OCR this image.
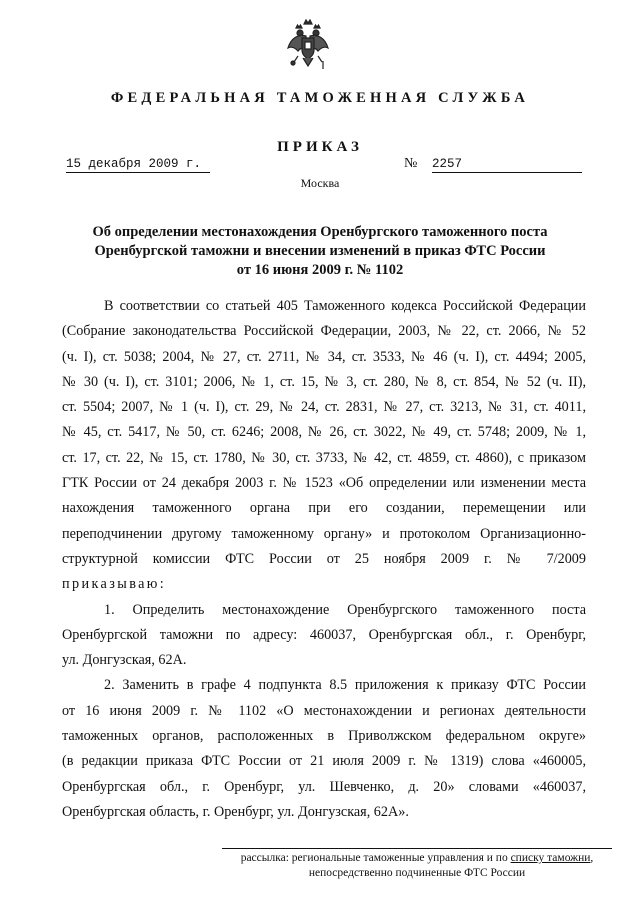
ФЕДЕРАЛЬНАЯ ТАМОЖЕННАЯ СЛУЖБА
ПРИКАЗ
15 декабря 2009 г.	№ 2257
Москва
Об определении местонахождения Оренбургского таможенного поста
Оренбургской таможни и внесении изменений в приказ ФТС России
от 16 июня 2009 г. № 1102
В соответствии со статьей 405 Таможенного кодекса Российской Федерации
(Собрание законодательства Российской Федерации, 2003, № 22, ст. 2066, № 52
(ч. I), ст. 5038; 2004, № 27, ст. 2711, № 34, ст. 3533, № 46 (ч. I), ст. 4494; 2005,
№ 30 (ч. I), ст. 3101; 2006, № 1, ст. 15, № 3, ст. 280, № 8, ст. 854, № 52 (ч. II),
ст. 5504; 2007, № 1 (ч. I), ст. 29, № 24, ст. 2831, № 27, ст. 3213, № 31, ст. 4011,
№ 45, ст. 5417, № 50, ст. 6246; 2008, № 26, ст. 3022, № 49, ст. 5748; 2009, № 1,
ст. 17, ст. 22, № 15, ст. 1780, № 30, ст. 3733, № 42, ст. 4859, ст. 4860), с приказом
ГТК России от 24 декабря 2003 г. № 1523 «Об определении или изменении места
нахождения таможенного органа при его создании, перемещении или
переподчинении другому таможенному органу» и протоколом Организационно-
структурной комиссии ФТС России от 25 ноября 2009 г. № 7/2009
приказываю:
1. Определить местонахождение Оренбургского таможенного поста
Оренбургской таможни по адресу: 460037, Оренбургская обл., г. Оренбург,
ул. Донгузская, 62А.
2. Заменить в графе 4 подпункта 8.5 приложения к приказу ФТС России
от 16 июня 2009 г. № 1102 «О местонахождении и регионах деятельности
таможенных органов, расположенных в Приволжском федеральном округе»
(в редакции приказа ФТС России от 21 июля 2009 г. № 1319) слова «460005,
Оренбургская обл., г. Оренбург, ул. Шевченко, д. 20» словами «460037,
Оренбургская область, г. Оренбург, ул. Донгузская, 62А».
рассылка: региональные таможенные управления и по списку таможни,
непосредственно подчиненные ФТС России
